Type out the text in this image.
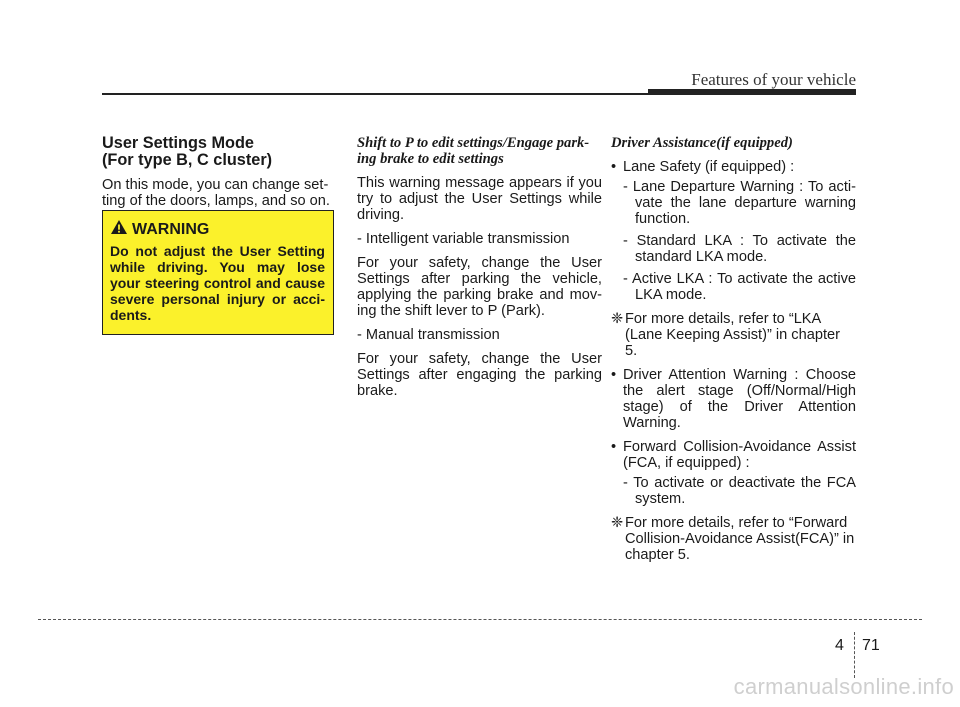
Features of your vehicle
User Settings Mode
(For type B, C cluster)
On this mode, you can change set-ting of the doors, lamps, and so on.
WARNING
Do not adjust the User Setting while driving. You may lose your steering control and cause severe personal injury or acci-dents.
Shift to P to edit settings/Engage park-ing brake to edit settings
This warning message appears if you try to adjust the User Settings while driving.
- Intelligent variable transmission
For your safety, change the User Settings after parking the vehicle, applying the parking brake and mov-ing the shift lever to P (Park).
- Manual transmission
For your safety, change the User Settings after engaging the parking brake.
Driver Assistance(if equipped)
• Lane Safety (if equipped) :
- Lane Departure Warning : To acti-vate the lane departure warning function.
- Standard LKA : To activate the standard LKA mode.
- Active LKA : To activate the active LKA mode.
❈ For more details, refer to “LKA (Lane Keeping Assist)” in chapter 5.
• Driver Attention Warning : Choose the alert stage (Off/Normal/High stage) of the Driver Attention Warning.
• Forward Collision-Avoidance Assist (FCA, if equipped) :
- To activate or deactivate the FCA system.
❈ For more details, refer to “Forward Collision-Avoidance Assist(FCA)” in chapter 5.
4 71
carmanualsonline.info
